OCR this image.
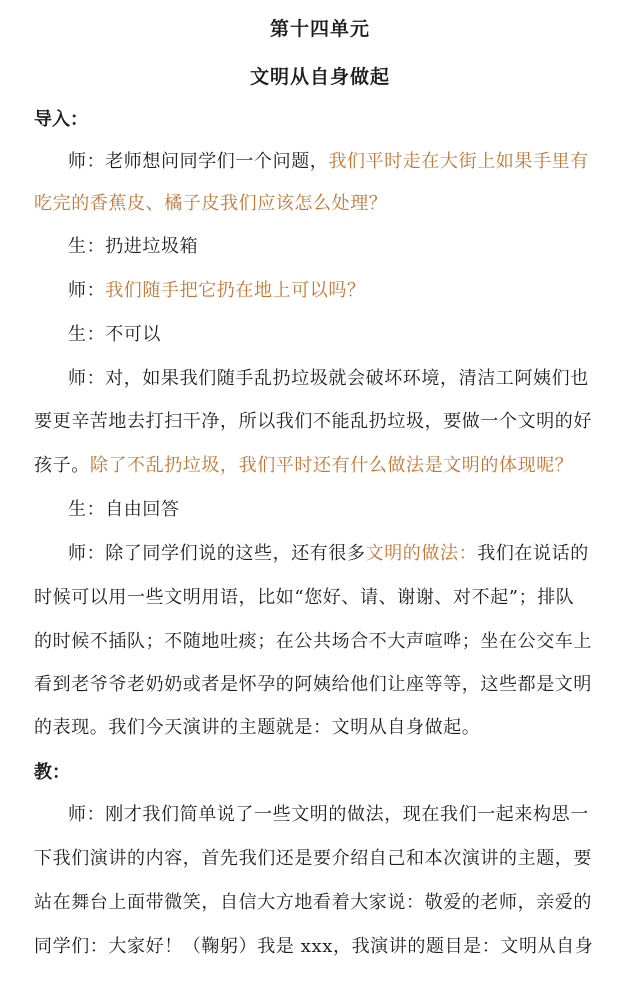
第十四单元
文明从自身做起
导入：
师：老师想问同学们一个问题，我们平时走在大街上如果手里有
吃完的香蕉皮、橘子皮我们应该怎么处理？
生：扔进垃圾箱
师：我们随手把它扔在地上可以吗？
生：不可以
师：对，如果我们随手乱扔垃圾就会破坏环境，清洁工阿姨们也
要更辛苦地去打扫干净，所以我们不能乱扔垃圾，要做一个文明的好
孩子。除了不乱扔垃圾，我们平时还有什么做法是文明的体现呢？
生：自由回答
师：除了同学们说的这些，还有很多文明的做法：我们在说话的
时候可以用一些文明用语，比如“您好、请、谢谢、对不起”；排队
的时候不插队；不随地吐痰；在公共场合不大声喧哗；坐在公交车上
看到老爷爷老奶奶或者是怀孕的阿姨给他们让座等等，这些都是文明
的表现。我们今天演讲的主题就是：文明从自身做起。
教：
师：刚才我们简单说了一些文明的做法，现在我们一起来构思一
下我们演讲的内容，首先我们还是要介绍自己和本次演讲的主题，要
站在舞台上面带微笑，自信大方地看着大家说：敬爱的老师，亲爱的
同学们：大家好！（鞠躬）我是 xxx，我演讲的题目是：文明从自身
